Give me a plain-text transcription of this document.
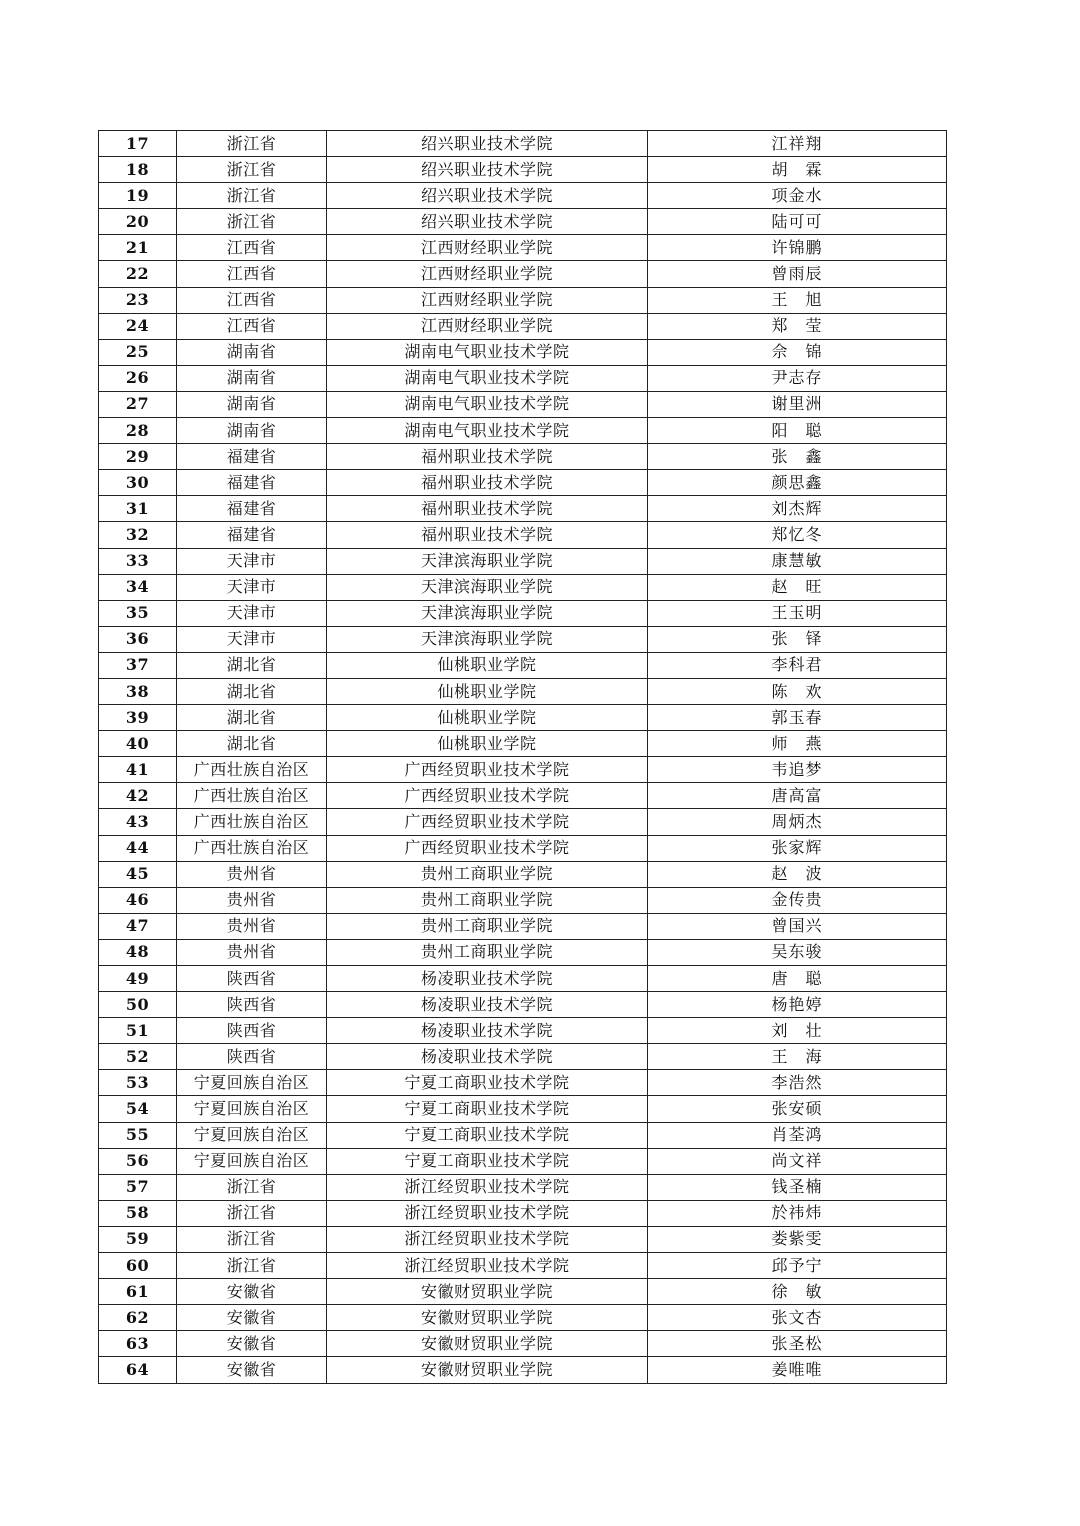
17	浙江省	绍兴职业技术学院	江祥翔
18	浙江省	绍兴职业技术学院	胡　霖
19	浙江省	绍兴职业技术学院	项金水
20	浙江省	绍兴职业技术学院	陆可可
21	江西省	江西财经职业学院	许锦鹏
22	江西省	江西财经职业学院	曾雨辰
23	江西省	江西财经职业学院	王　旭
24	江西省	江西财经职业学院	郑　莹
25	湖南省	湖南电气职业技术学院	佘　锦
26	湖南省	湖南电气职业技术学院	尹志存
27	湖南省	湖南电气职业技术学院	谢里洲
28	湖南省	湖南电气职业技术学院	阳　聪
29	福建省	福州职业技术学院	张　鑫
30	福建省	福州职业技术学院	颜思鑫
31	福建省	福州职业技术学院	刘杰辉
32	福建省	福州职业技术学院	郑忆冬
33	天津市	天津滨海职业学院	康慧敏
34	天津市	天津滨海职业学院	赵　旺
35	天津市	天津滨海职业学院	王玉明
36	天津市	天津滨海职业学院	张　铎
37	湖北省	仙桃职业学院	李科君
38	湖北省	仙桃职业学院	陈　欢
39	湖北省	仙桃职业学院	郭玉春
40	湖北省	仙桃职业学院	师　燕
41	广西壮族自治区	广西经贸职业技术学院	韦追梦
42	广西壮族自治区	广西经贸职业技术学院	唐高富
43	广西壮族自治区	广西经贸职业技术学院	周炳杰
44	广西壮族自治区	广西经贸职业技术学院	张家辉
45	贵州省	贵州工商职业学院	赵　波
46	贵州省	贵州工商职业学院	金传贵
47	贵州省	贵州工商职业学院	曾国兴
48	贵州省	贵州工商职业学院	吴东骏
49	陕西省	杨凌职业技术学院	唐　聪
50	陕西省	杨凌职业技术学院	杨艳婷
51	陕西省	杨凌职业技术学院	刘　壮
52	陕西省	杨凌职业技术学院	王　海
53	宁夏回族自治区	宁夏工商职业技术学院	李浩然
54	宁夏回族自治区	宁夏工商职业技术学院	张安硕
55	宁夏回族自治区	宁夏工商职业技术学院	肖荃鸿
56	宁夏回族自治区	宁夏工商职业技术学院	尚文祥
57	浙江省	浙江经贸职业技术学院	钱圣楠
58	浙江省	浙江经贸职业技术学院	於祎炜
59	浙江省	浙江经贸职业技术学院	娄紫雯
60	浙江省	浙江经贸职业技术学院	邱予宁
61	安徽省	安徽财贸职业学院	徐　敏
62	安徽省	安徽财贸职业学院	张文杏
63	安徽省	安徽财贸职业学院	张圣松
64	安徽省	安徽财贸职业学院	姜唯唯
